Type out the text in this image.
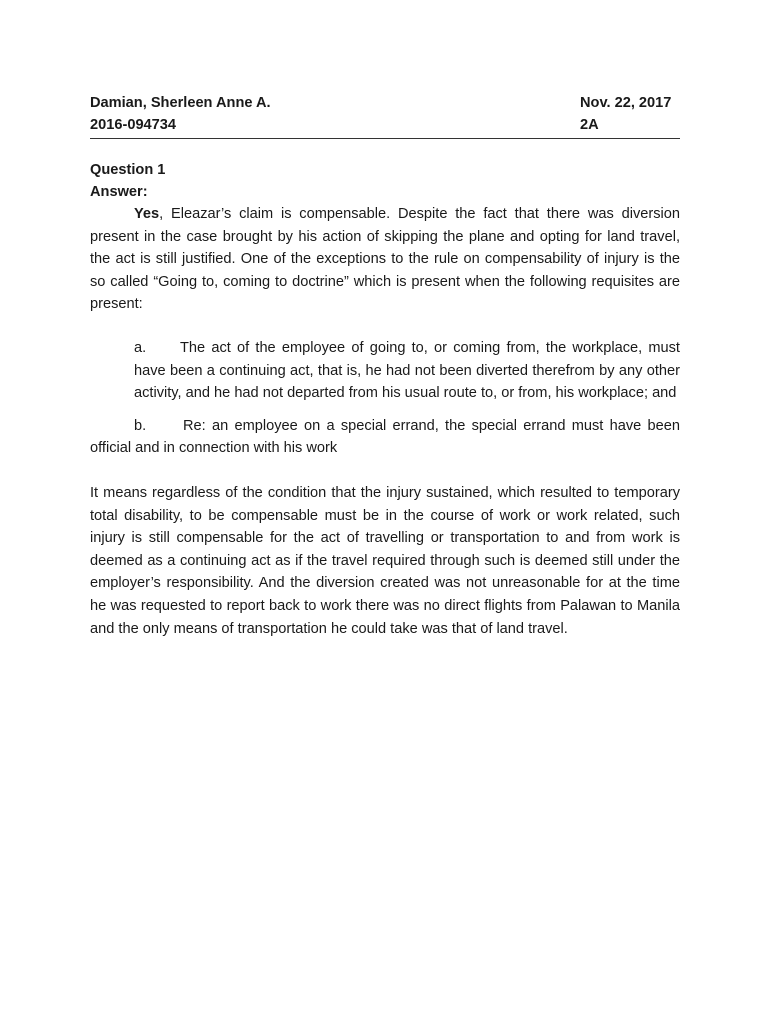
Damian, Sherleen Anne A.	Nov. 22, 2017
2016-094734	2A
Question 1
Answer:

Yes, Eleazar’s claim is compensable. Despite the fact that there was diversion present in the case brought by his action of skipping the plane and opting for land travel, the act is still justified. One of the exceptions to the rule on compensability of injury is the so called “Going to, coming to doctrine” which is present when the following requisites are present:

a. The act of the employee of going to, or coming from, the workplace, must have been a continuing act, that is, he had not been diverted therefrom by any other activity, and he had not departed from his usual route to, or from, his workplace; and
b.	Re: an employee on a special errand, the special errand must have been official and in connection with his work

It means regardless of the condition that the injury sustained, which resulted to temporary total disability, to be compensable must be in the course of work or work related, such injury is still compensable for the act of travelling or transportation to and from work is deemed as a continuing act as if the travel required through such is deemed still under the employer’s responsibility. And the diversion created was not unreasonable for at the time he was requested to report back to work there was no direct flights from Palawan to Manila and the only means of transportation he could take was that of land travel.
